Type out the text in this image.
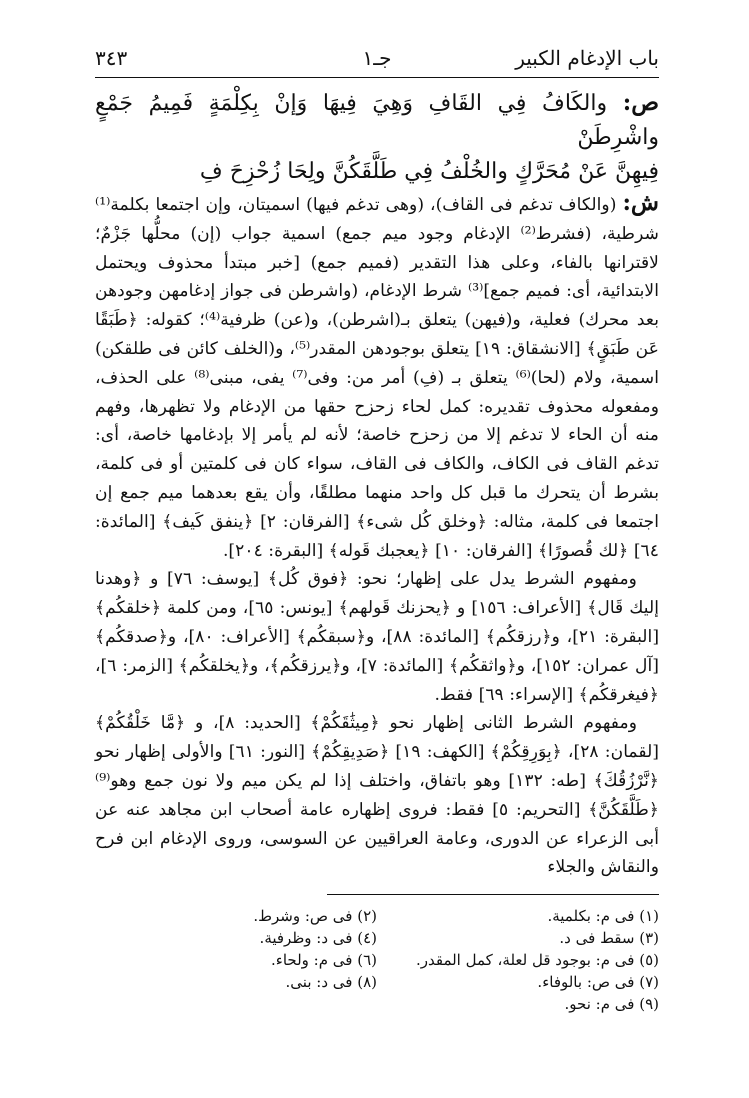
باب الإدغام الكبير
جـ١
٣٤٣
ص: والكَافُ فِي القَافِ وَهِيَ فِيهَا وَإنْ بِكِلْمَةٍ فَمِيمُ جَمْعٍ واشْرِطَنْ
فِيهِنَّ عَنْ مُحَرَّكٍ والخُلْفُ فِي طَلَّقَكُنَّ ولِحَا زُحْزِحَ فِ

ش: (والكاف تدغم فى القاف)، (وهى تدغم فيها) اسميتان، وإن اجتمعا بكلمة⁽¹⁾ شرطية، (فشرط⁽²⁾ الإدغام وجود ميم جمع) اسمية جواب (إن) محلُّها جَزْمٌ؛ لاقترانها بالفاء، وعلى هذا التقدير (فميم جمع) [خبر مبتدأ محذوف ويحتمل الابتدائية، أى: فميم جمع]⁽³⁾ شرط الإدغام، (واشرطن فى جواز إدغامهن وجودهن بعد محرك) فعلية، و(فيهن) يتعلق بـ(اشرطن)، و(عن) ظرفية⁽⁴⁾؛ كقوله: ﴿طَبَقًا عَن طَبَقٍ﴾ [الانشقاق: ١٩] يتعلق بوجودهن المقدر⁽⁵⁾، و(الخلف كائن فى طلقكن) اسمية، ولام (لحا)⁽⁶⁾ يتعلق بـ (فِ) أمر من: وفى⁽⁷⁾ يفى، مبنى⁽⁸⁾ على الحذف، ومفعوله محذوف تقديره: كمل لحاء زحزح حقها من الإدغام ولا تظهرها، وفهم منه أن الحاء لا تدغم إلا من زحزح خاصة؛ لأنه لم يأمر إلا بإدغامها خاصة، أى: تدغم القاف فى الكاف، والكاف فى القاف، سواء كان فى كلمتين أو فى كلمة، بشرط أن يتحرك ما قبل كل واحد منهما مطلقًا، وأن يقع بعدهما ميم جمع إن اجتمعا فى كلمة، مثاله: ﴿وخلق كُل شىء﴾ [الفرقان: ٢] ﴿ينفق كَيف﴾ [المائدة: ٦٤] ﴿لك قُصورًا﴾ [الفرقان: ١٠] ﴿يعجبك قَوله﴾ [البقرة: ٢٠٤].

ومفهوم الشرط يدل على إظهار؛ نحو: ﴿فوق كُل﴾ [يوسف: ٧٦] و ﴿وهدنا إليك قَال﴾ [الأعراف: ١٥٦] و ﴿يحزنك قَولهم﴾ [يونس: ٦٥]، ومن كلمة ﴿خلقكُم﴾ [البقرة: ٢١]، و﴿رزقكُم﴾ [المائدة: ٨٨]، و﴿سبقكُم﴾ [الأعراف: ٨٠]، و﴿صدقكُم﴾ [آل عمران: ١٥٢]، و﴿واثقكُم﴾ [المائدة: ٧]، و﴿يرزقكُم﴾، و﴿يخلقكُم﴾ [الزمر: ٦]، ﴿فيغرقكُم﴾ [الإسراء: ٦٩] فقط.

ومفهوم الشرط الثانى إظهار نحو ﴿مِيثَٰقَكُمْ﴾ [الحديد: ٨]، و ﴿مَّا خَلْقُكُمْ﴾ [لقمان: ٢٨]، ﴿بِوَرِقِكُمْ﴾ [الكهف: ١٩] ﴿صَدِيقِكُمْ﴾ [النور: ٦١] والأولى إظهار نحو ﴿نَّرْزُقُكَ﴾ [طه: ١٣٢] وهو باتفاق، واختلف إذا لم يكن ميم ولا نون جمع وهو⁽⁹⁾ ﴿طَلَّقَكُنَّ﴾ [التحريم: ٥] فقط: فروى إظهاره عامة أصحاب ابن مجاهد عنه عن أبى الزعراء عن الدورى، وعامة العراقيين عن السوسى، وروى الإدغام ابن فرح والنقاش والجلاء

(١) فى م: بكلمية.
(٢) فى ص: وشرط.
(٣) سقط فى د.
(٤) فى د: وظرفية.
(٥) فى م: بوجود قل لعلة، كمل المقدر.
(٦) فى م: ولحاء.
(٧) فى ص: بالوفاء.
(٨) فى د: بنى.
(٩) فى م: نحو.
